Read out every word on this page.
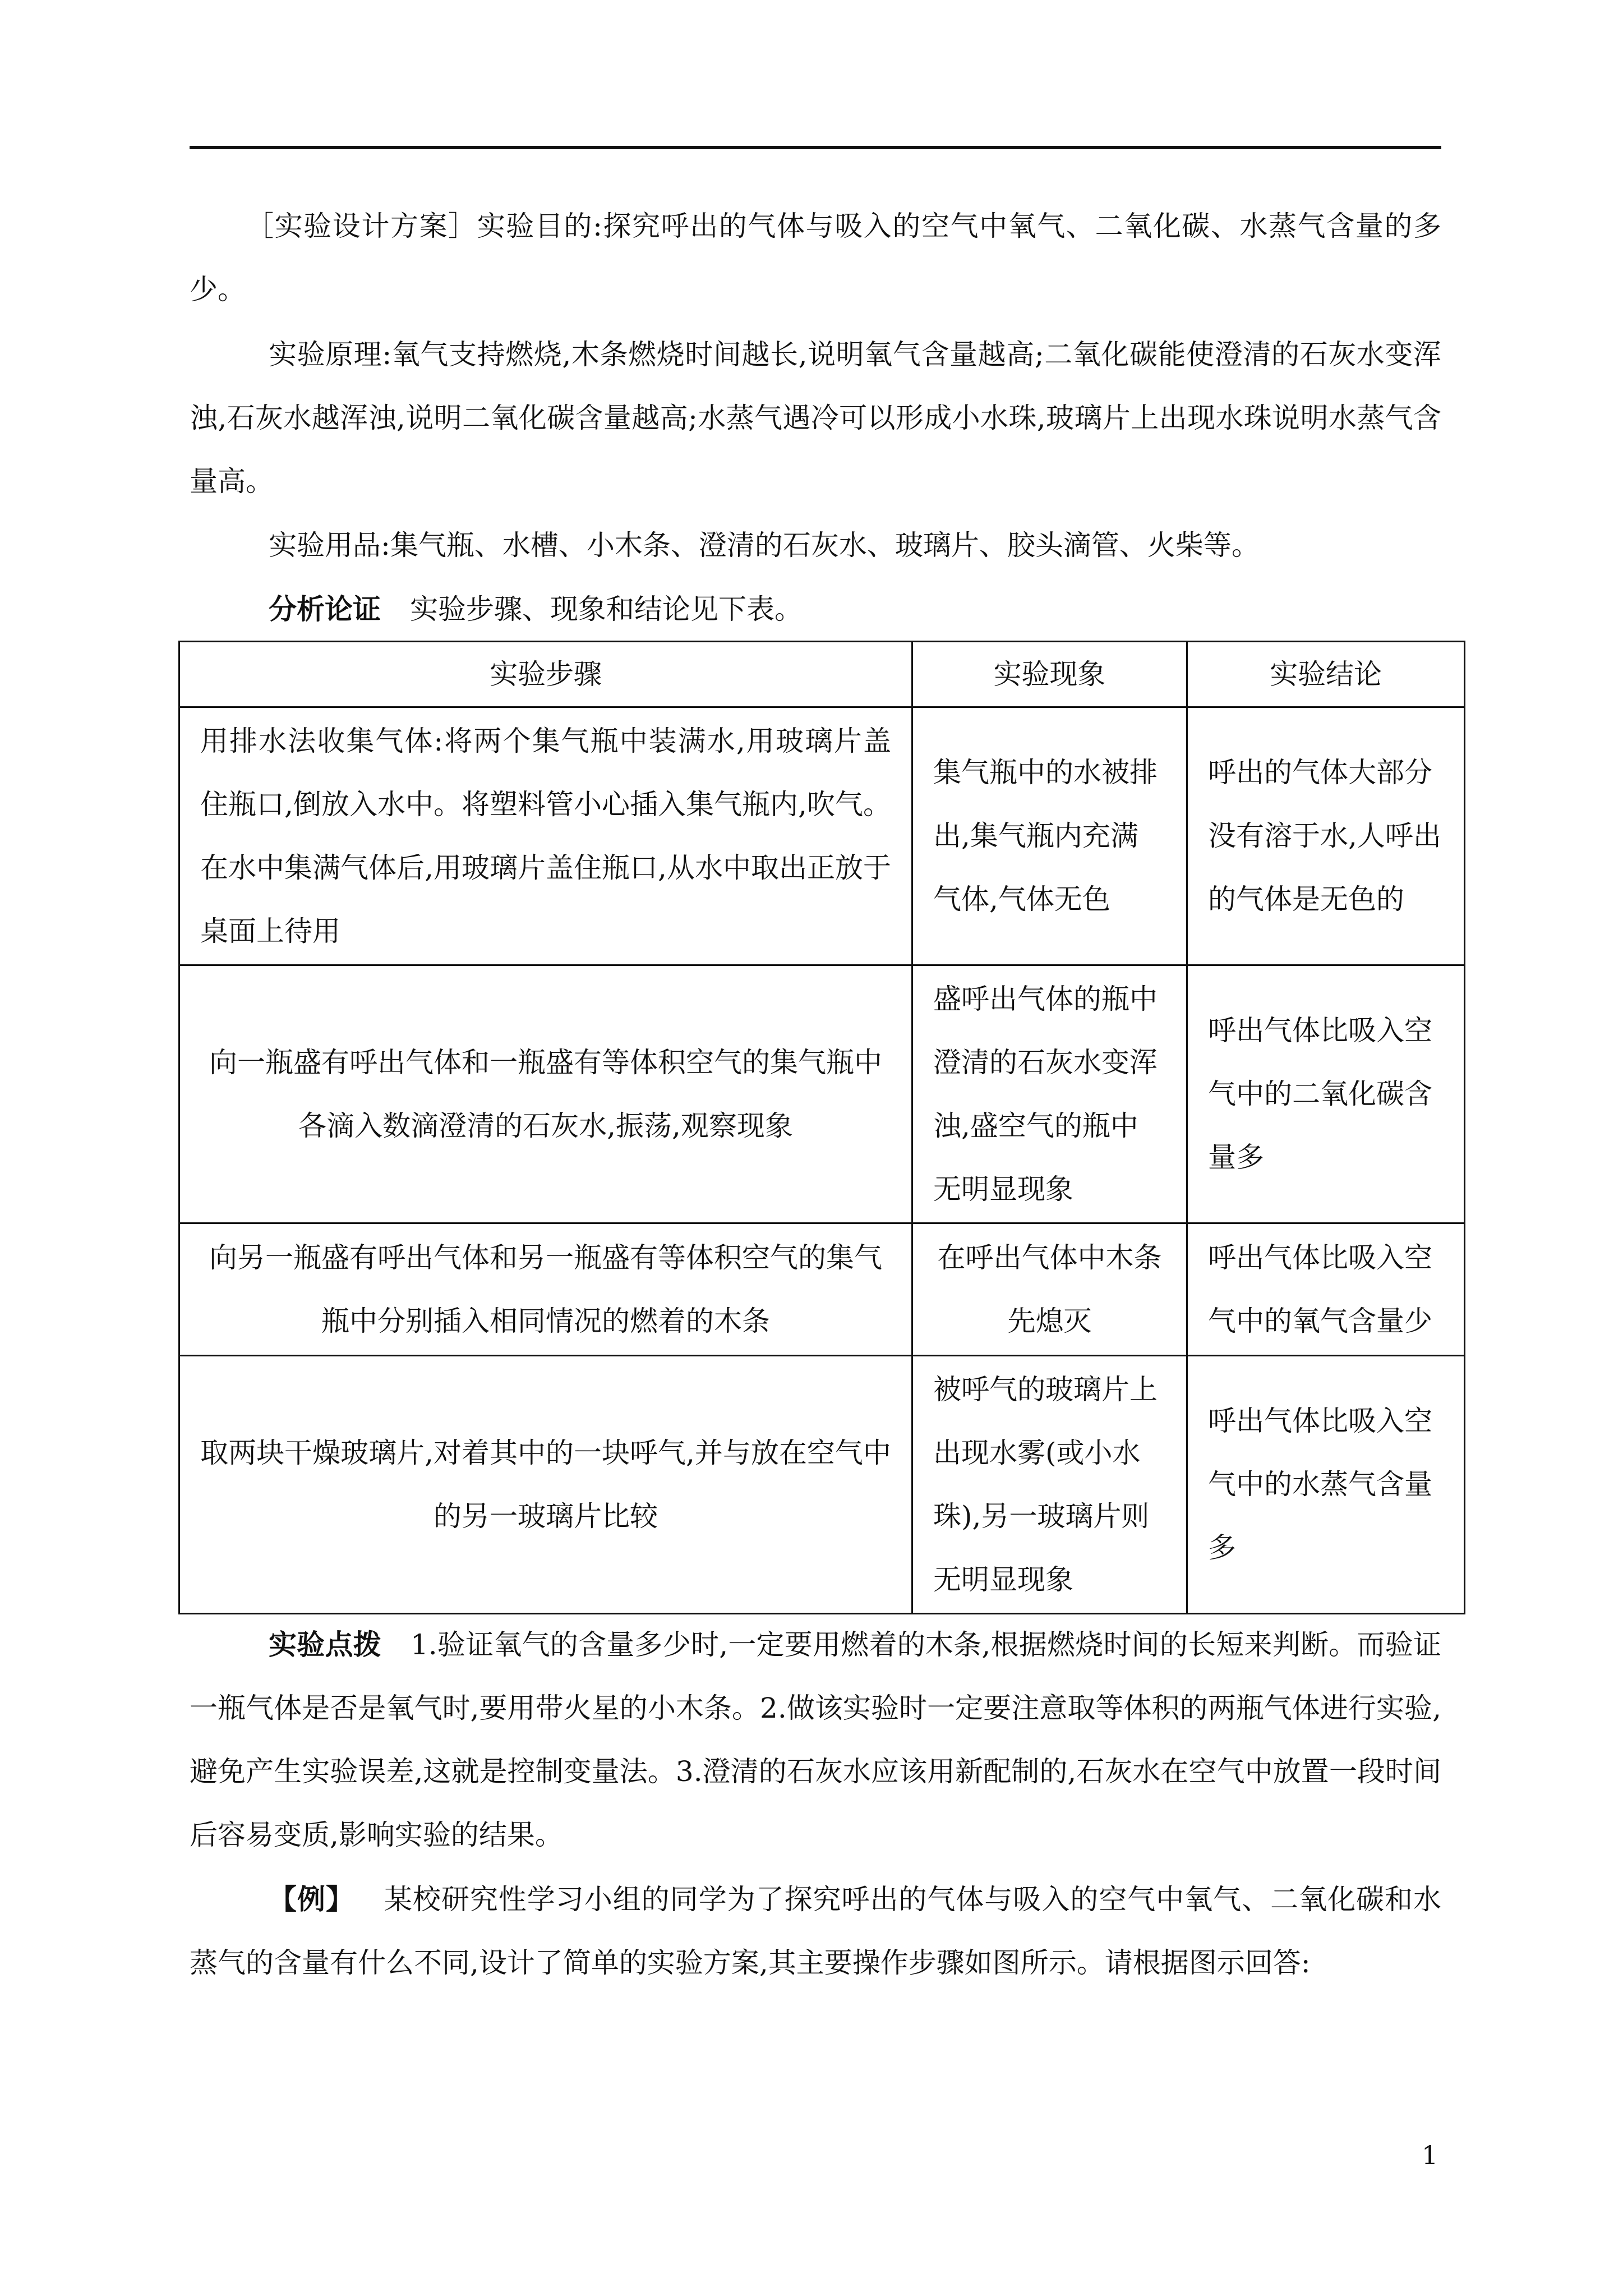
［实验设计方案］实验目的:探究呼出的气体与吸入的空气中氧气、二氧化碳、水蒸气含量的多少。
实验原理:氧气支持燃烧,木条燃烧时间越长,说明氧气含量越高;二氧化碳能使澄清的石灰水变浑浊,石灰水越浑浊,说明二氧化碳含量越高;水蒸气遇冷可以形成小水珠,玻璃片上出现水珠说明水蒸气含量高。
实验用品:集气瓶、水槽、小木条、澄清的石灰水、玻璃片、胶头滴管、火柴等。
分析论证 实验步骤、现象和结论见下表。
实验步骤	实验现象	实验结论
用排水法收集气体:将两个集气瓶中装满水,用玻璃片盖住瓶口,倒放入水中。将塑料管小心插入集气瓶内,吹气。在水中集满气体后,用玻璃片盖住瓶口,从水中取出正放于桌面上待用	集气瓶中的水被排出,集气瓶内充满气体,气体无色	呼出的气体大部分没有溶于水,人呼出的气体是无色的
向一瓶盛有呼出气体和一瓶盛有等体积空气的集气瓶中各滴入数滴澄清的石灰水,振荡,观察现象	盛呼出气体的瓶中澄清的石灰水变浑浊,盛空气的瓶中无明显现象	呼出气体比吸入空气中的二氧化碳含量多
向另一瓶盛有呼出气体和另一瓶盛有等体积空气的集气瓶中分别插入相同情况的燃着的木条	在呼出气体中木条先熄灭	呼出气体比吸入空气中的氧气含量少
取两块干燥玻璃片,对着其中的一块呼气,并与放在空气中的另一玻璃片比较	被呼气的玻璃片上出现水雾(或小水珠),另一玻璃片则无明显现象	呼出气体比吸入空气中的水蒸气含量多
实验点拨 1.验证氧气的含量多少时,一定要用燃着的木条,根据燃烧时间的长短来判断。而验证一瓶气体是否是氧气时,要用带火星的小木条。2.做该实验时一定要注意取等体积的两瓶气体进行实验,避免产生实验误差,这就是控制变量法。3.澄清的石灰水应该用新配制的,石灰水在空气中放置一段时间后容易变质,影响实验的结果。
【例】 某校研究性学习小组的同学为了探究呼出的气体与吸入的空气中氧气、二氧化碳和水蒸气的含量有什么不同,设计了简单的实验方案,其主要操作步骤如图所示。请根据图示回答:
1
